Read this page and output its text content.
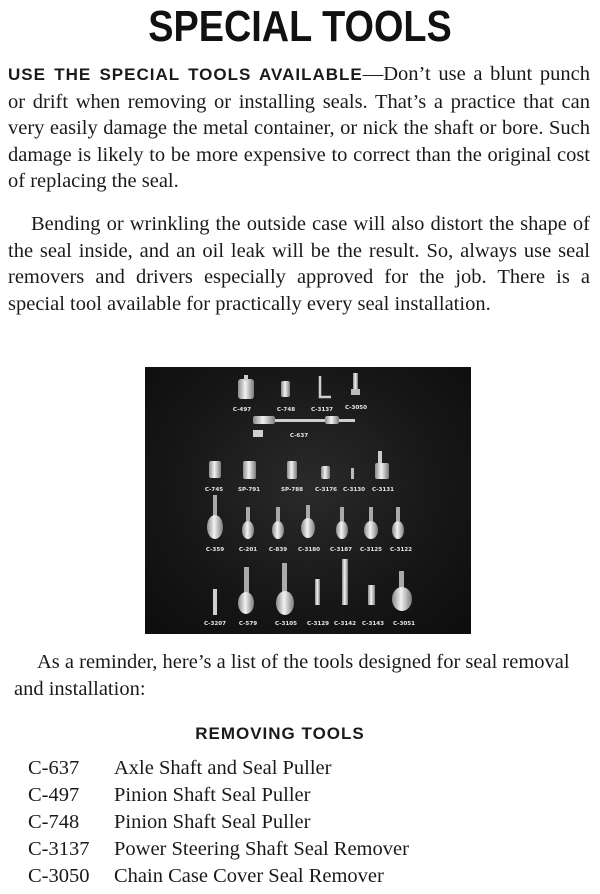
SPECIAL TOOLS
USE THE SPECIAL TOOLS AVAILABLE—Don’t use a blunt punch or drift when removing or installing seals. That’s a practice that can very easily damage the metal container, or nick the shaft or bore. Such damage is likely to be more expensive to correct than the original cost of replacing the seal.
Bending or wrinkling the outside case will also distort the shape of the seal inside, and an oil leak will be the result. So, always use seal removers and drivers especially approved for the job. There is a special tool available for practically every seal installation.
C-497	C-748	C-3137 C-3050
C-637
C-745	SP-791	SP-788 C-3176 C-3130 C-3131
C-359	C-201 C-839 C-3180 C-3187 C-3125 C-3122
C-3207 C-579	C-3105 C-3129 C-3142 C-3143 C-3051
As a reminder, here’s a list of the tools designed for seal removal and installation:
REMOVING TOOLS
C-637	Axle Shaft and Seal Puller
C-497	Pinion Shaft Seal Puller
C-748	Pinion Shaft Seal Puller
C-3137	Power Steering Shaft Seal Remover
C-3050	Chain Case Cover Seal Remover
